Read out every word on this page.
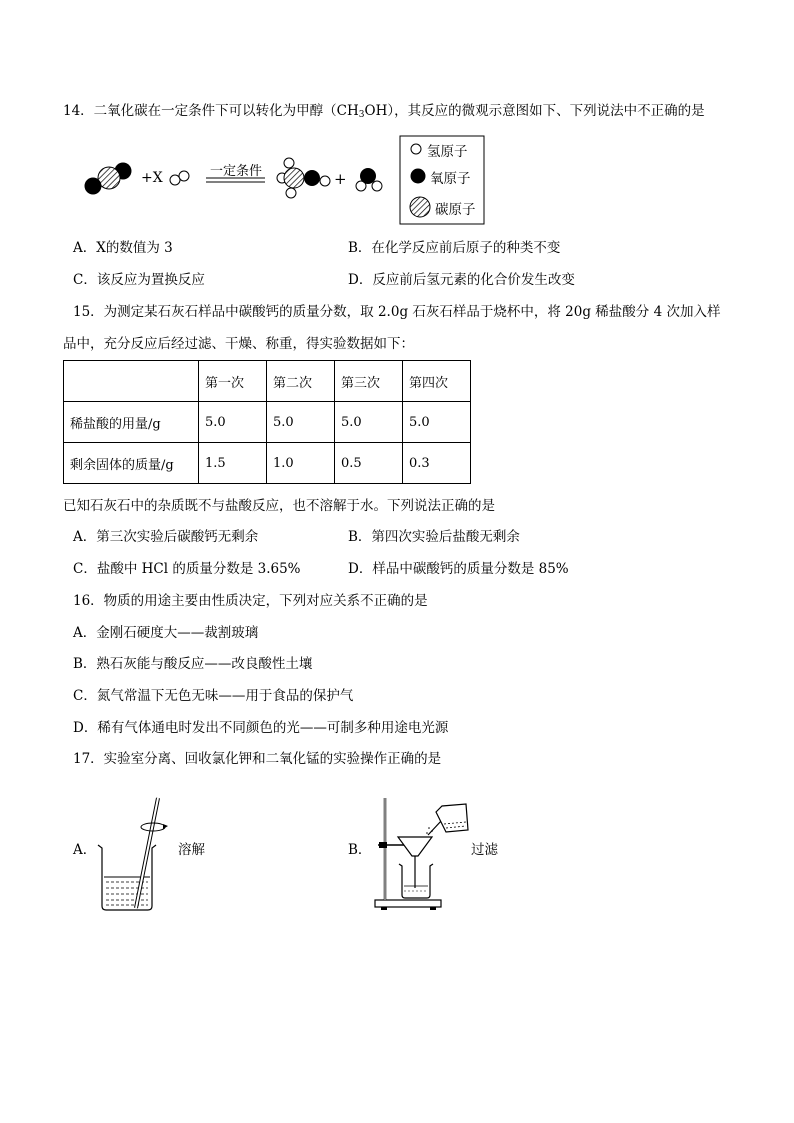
14．二氧化碳在一定条件下可以转化为甲醇$(CH_3OH)$，其反应的微观示意图如下、下列说法中不正确的是
+X	一定条件	+
氢原子
氧原子
碳原子
A．X的数值为 3	B．在化学反应前后原子的种类不变
C．该反应为置换反应	D．反应前后氢元素的化合价发生改变
15．为测定某石灰石样品中碳酸钙的质量分数，取 2.0g 石灰石样品于烧杯中，将 20g 稀盐酸分 4 次加入样
品中，充分反应后经过滤、干燥、称重，得实验数据如下：
	第一次	第二次	第三次	第四次
稀盐酸的用量/g	5.0	5.0	5.0	5.0
剩余固体的质量/g	1.5	1.0	0.5	0.3
已知石灰石中的杂质既不与盐酸反应，也不溶解于水。下列说法正确的是
A．第三次实验后碳酸钙无剩余	B．第四次实验后盐酸无剩余
C．盐酸中 HCl 的质量分数是 3.65%	D．样品中碳酸钙的质量分数是 85%
16．物质的用途主要由性质决定，下列对应关系不正确的是
A．金刚石硬度大——裁割玻璃
B．熟石灰能与酸反应——改良酸性土壤
C．氮气常温下无色无味——用于食品的保护气
D．稀有气体通电时发出不同颜色的光——可制多种用途电光源
17．实验室分离、回收氯化钾和二氧化锰的实验操作正确的是
A．	溶解	B．	过滤
